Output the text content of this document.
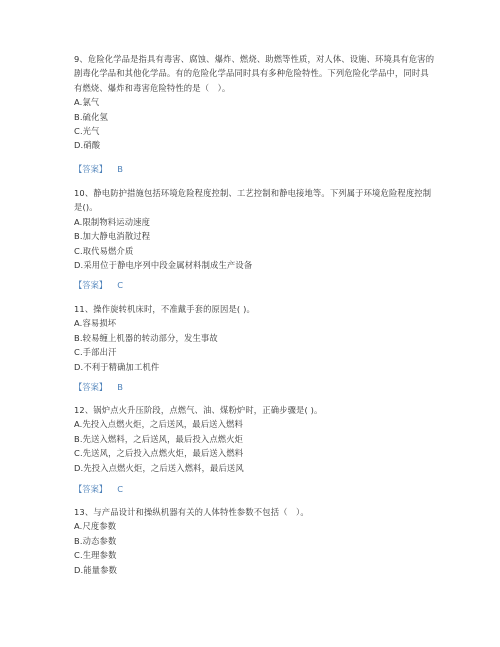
9、危险化学品是指具有毒害、腐蚀、爆炸、燃烧、助燃等性质，对人体、设施、环境具有危害的剧毒化学品和其他化学品。有的危险化学品同时具有多种危险特性。下列危险化学品中，同时具有燃烧、爆炸和毒害危险特性的是（　）。

A.氯气

B.硫化氢

C.光气

D.硝酸

【答案】 B

10、静电防护措施包括环境危险程度控制、工艺控制和静电接地等。下列属于环境危险程度控制是()。

A.限制物料运动速度

B.加大静电消散过程

C.取代易燃介质

D.采用位于静电序列中段金属材料制成生产设备

【答案】 C

11、操作旋转机床时，不准戴手套的原因是( )。

A.容易损坏

B.较易缠上机器的转动部分，发生事故

C.手部出汗

D.不利于精确加工机件

【答案】 B

12、锅炉点火升压阶段，点燃气、油、煤粉炉时，正确步骤是( )。

A.先投入点燃火炬，之后送风，最后送入燃料

B.先送入燃料，之后送风，最后投入点燃火炬

C.先送风，之后投入点燃火炬，最后送入燃料

D.先投入点燃火炬，之后送入燃料，最后送风

【答案】 C

13、与产品设计和操纵机器有关的人体特性参数不包括（　）。

A.尺度参数

B.动态参数

C.生理参数

D.能量参数
